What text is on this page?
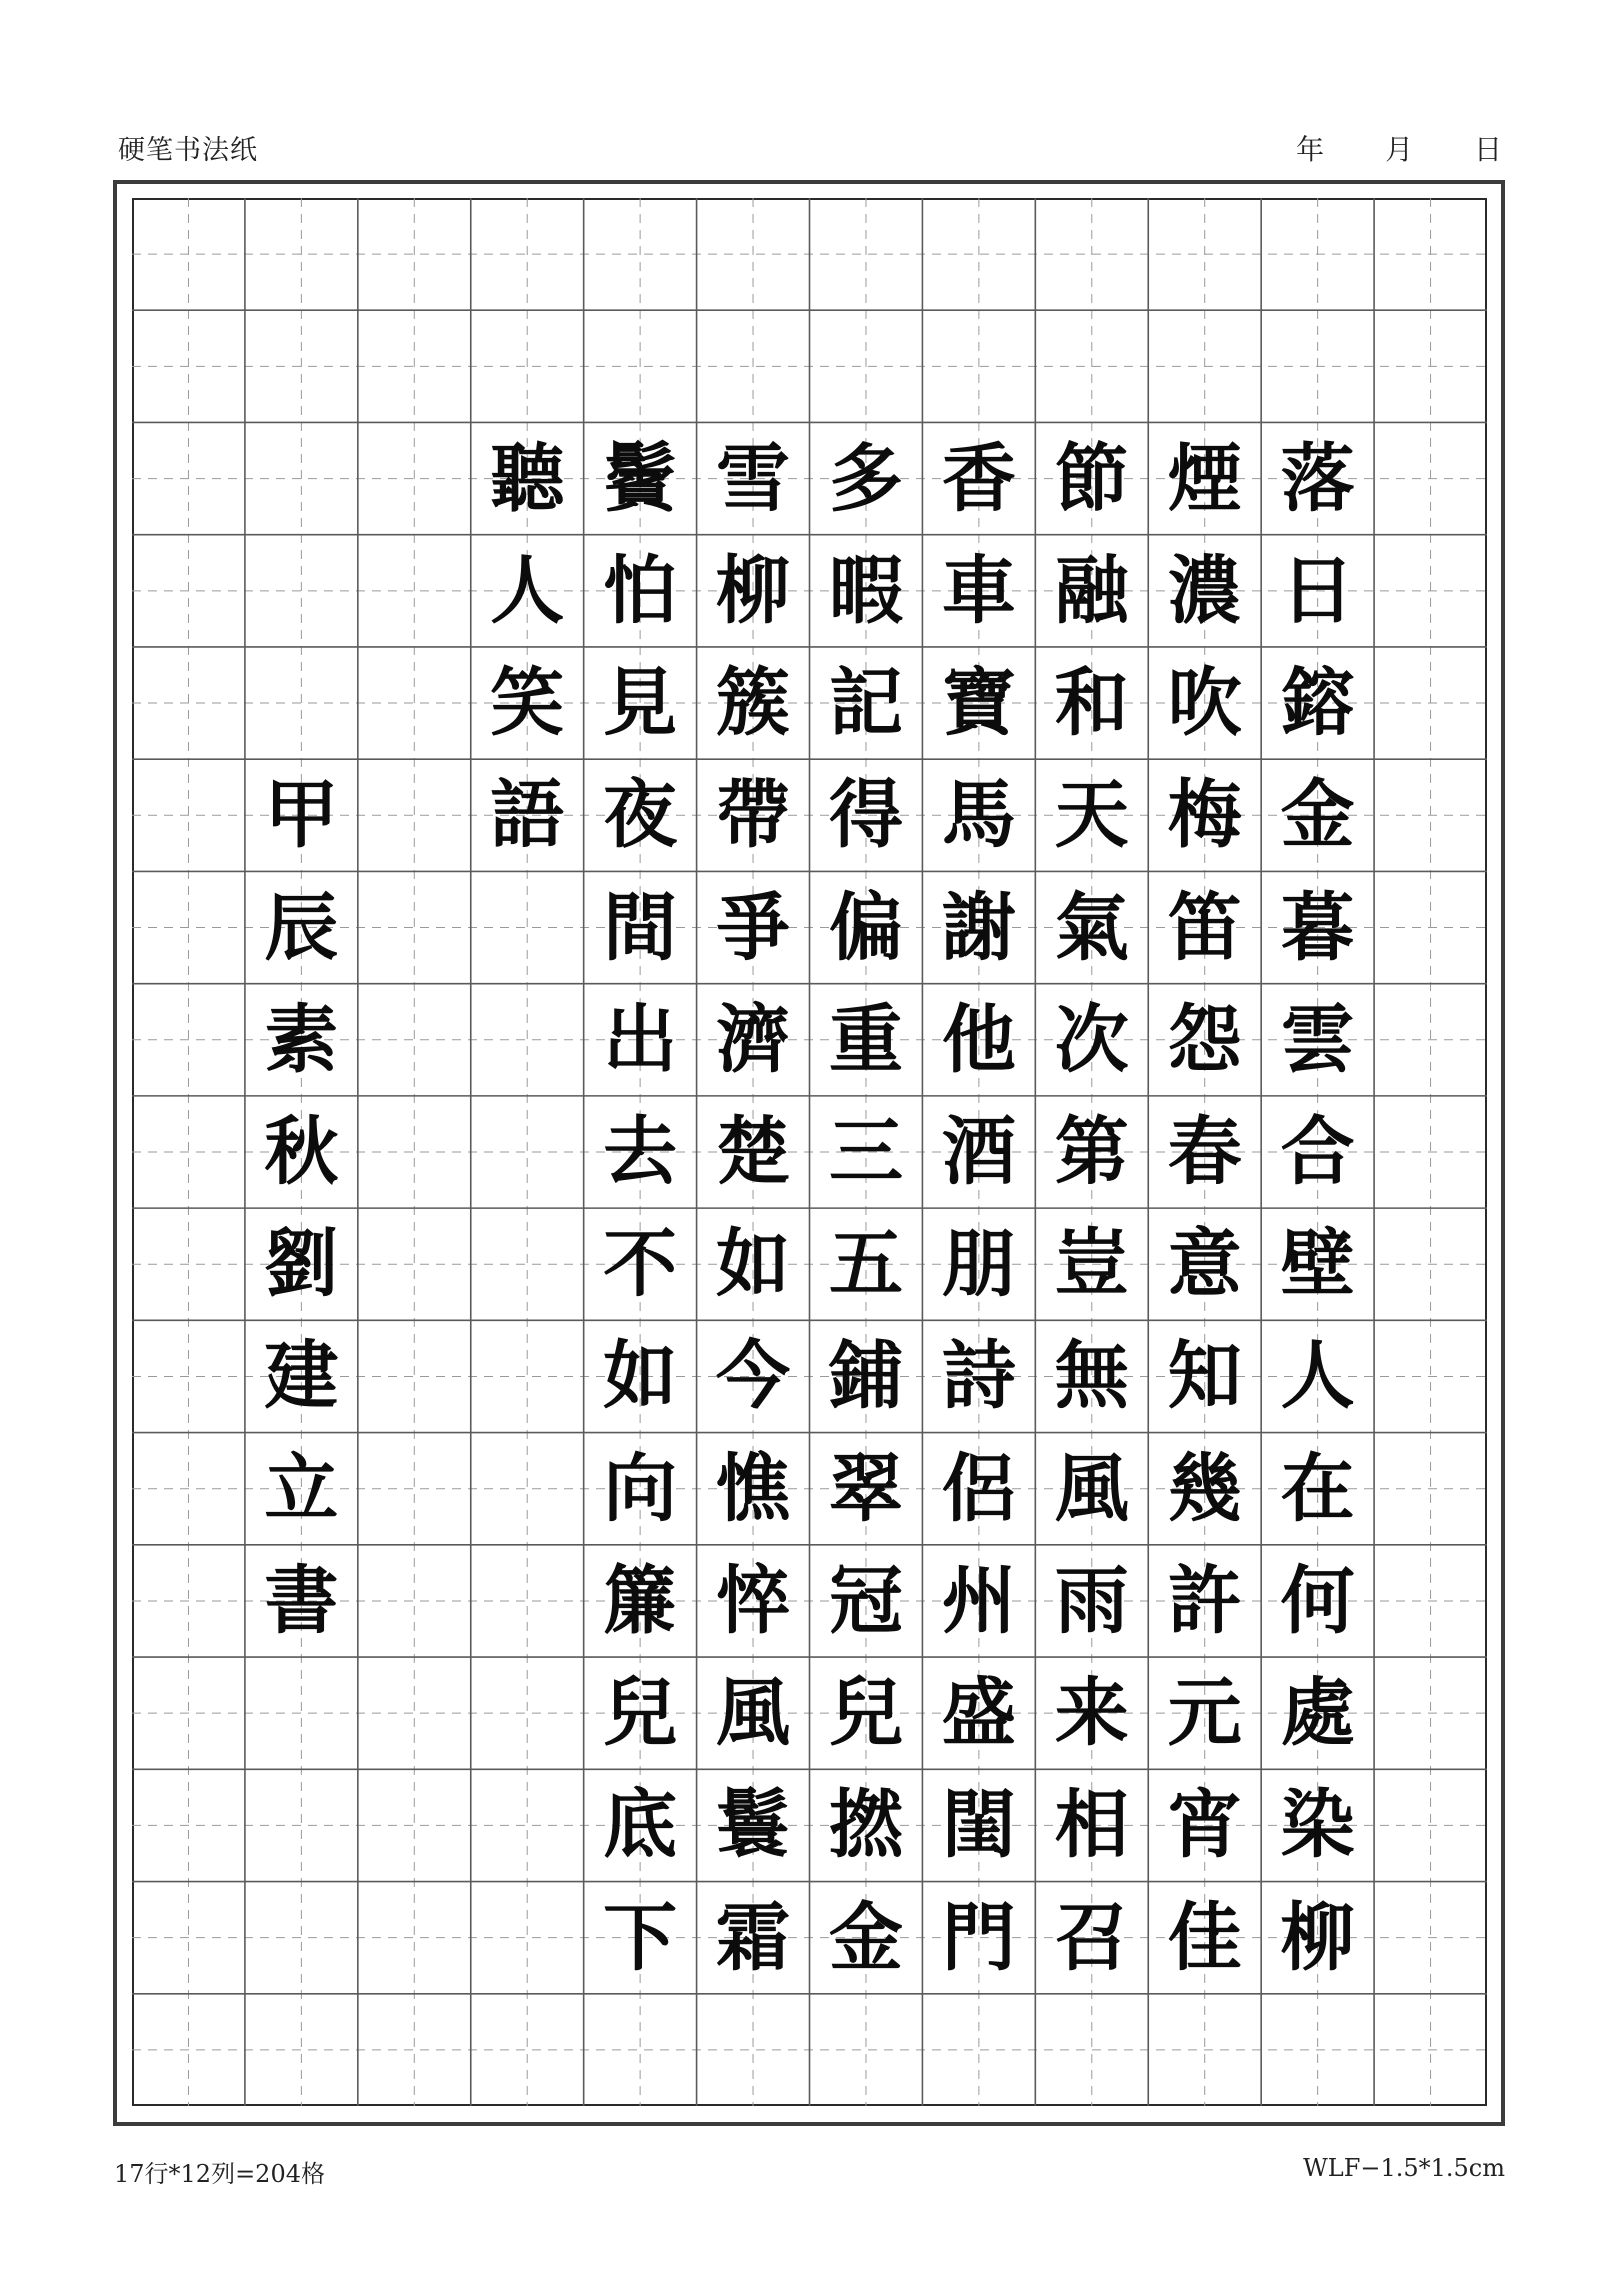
硬笔书法纸	年 月 日
落
日
鎔
金
暮
雲
合
壁
人
在
何
處
染
柳
煙
濃
吹
梅
笛
怨
春
意
知
幾
許
元
宵
佳
節
融
和
天
氣
次
第
豈
無
風
雨
来
相
召
香
車
寶
馬
謝
他
酒
朋
詩
侶
州
盛
閨
門
多
暇
記
得
偏
重
三
五
鋪
翠
冠
兒
撚
金
雪
柳
簇
帶
爭
濟
楚
如
今
憔
悴
風
鬟
霜
鬢
怕
見
夜
間
出
去
不
如
向
簾
兒
底
下
聽
人
笑
語
甲
辰
素
秋
劉
建
立
書
17行*12列=204格	WLF−1.5*1.5cm
